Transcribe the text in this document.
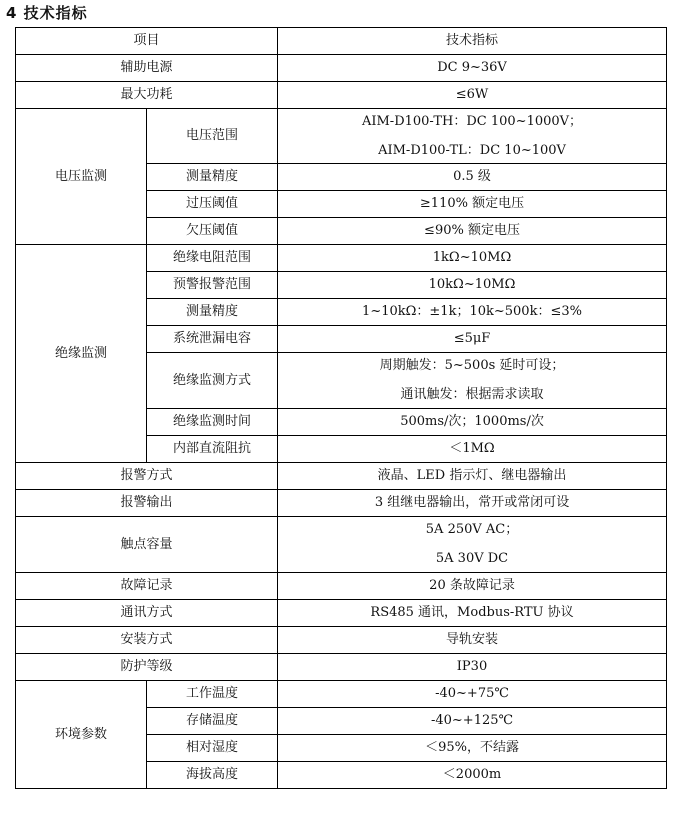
4 技术指标
项目		技术指标
辅助电源		DC 9~36V
最大功耗		≤6W
电压监测	电压范围	AIM-D100-TH：DC 100~1000V；
AIM-D100-TL：DC 10~100V

	测量精度	0.5 级
	过压阈值	≥110% 额定电压
	欠压阈值	≤90% 额定电压
绝缘监测	绝缘电阻范围	1kΩ~10MΩ
	预警报警范围	10kΩ~10MΩ
	测量精度	1~10kΩ：±1k；10k~500k：≤3%
	系统泄漏电容	≤5μF
	绝缘监测方式	周期触发：5~500s 延时可设；
通讯触发：根据需求读取

	绝缘监测时间	500ms/次；1000ms/次
	内部直流阻抗	＜1MΩ
报警方式		液晶、LED 指示灯、继电器输出
报警输出		3 组继电器输出，常开或常闭可设
触点容量		5A 250V AC；
5A 30V DC

故障记录		20 条故障记录
通讯方式		RS485 通讯，Modbus-RTU 协议
安装方式		导轨安装
防护等级		IP30
环境参数	工作温度	-40~+75℃
	存储温度	-40~+125℃
	相对湿度	＜95%，不结露
	海拔高度	＜2000m
